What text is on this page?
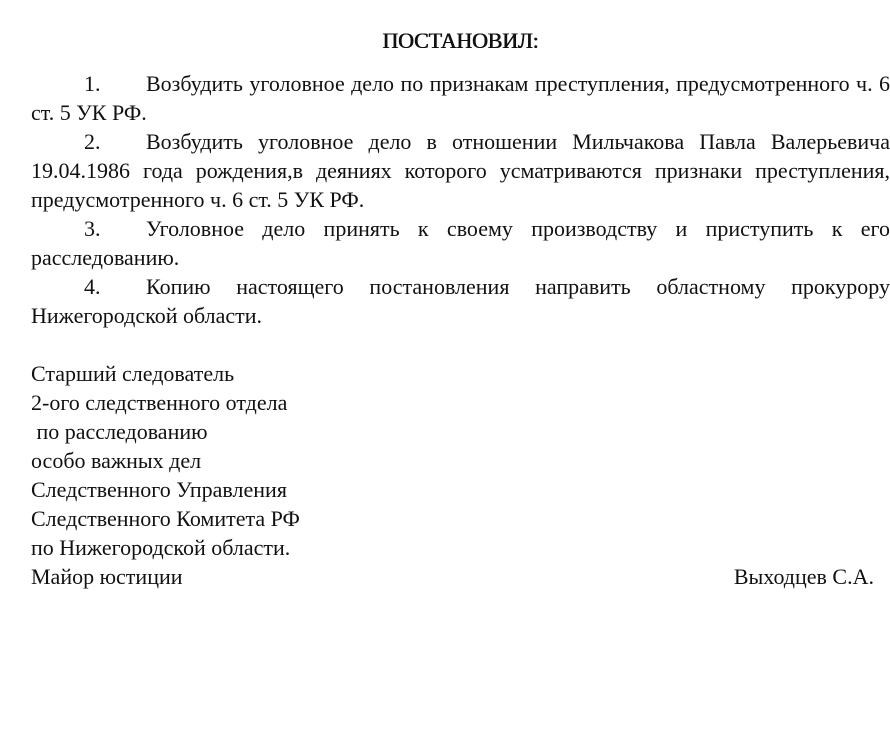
ПОСТАНОВИЛ:

1. Возбудить уголовное дело по признакам преступления, предусмотренного ч. 6 ст. 5 УК РФ.

2. Возбудить уголовное дело в отношении Мильчакова Павла Валерьевича 19.04.1986 года рождения,в деяниях которого усматриваются признаки преступления, предусмотренного ч. 6 ст. 5 УК РФ.

3. Уголовное дело принять к своему производству и приступить к его расследованию.

4. Копию настоящего постановления направить областному прокурору Нижегородской области.

Старший следователь
2-ого следственного отдела
по расследованию
особо важных дел
Следственного Управления
Следственного Комитета РФ
по Нижегородской области.
Майор юстиции	Выходцев С.А.
